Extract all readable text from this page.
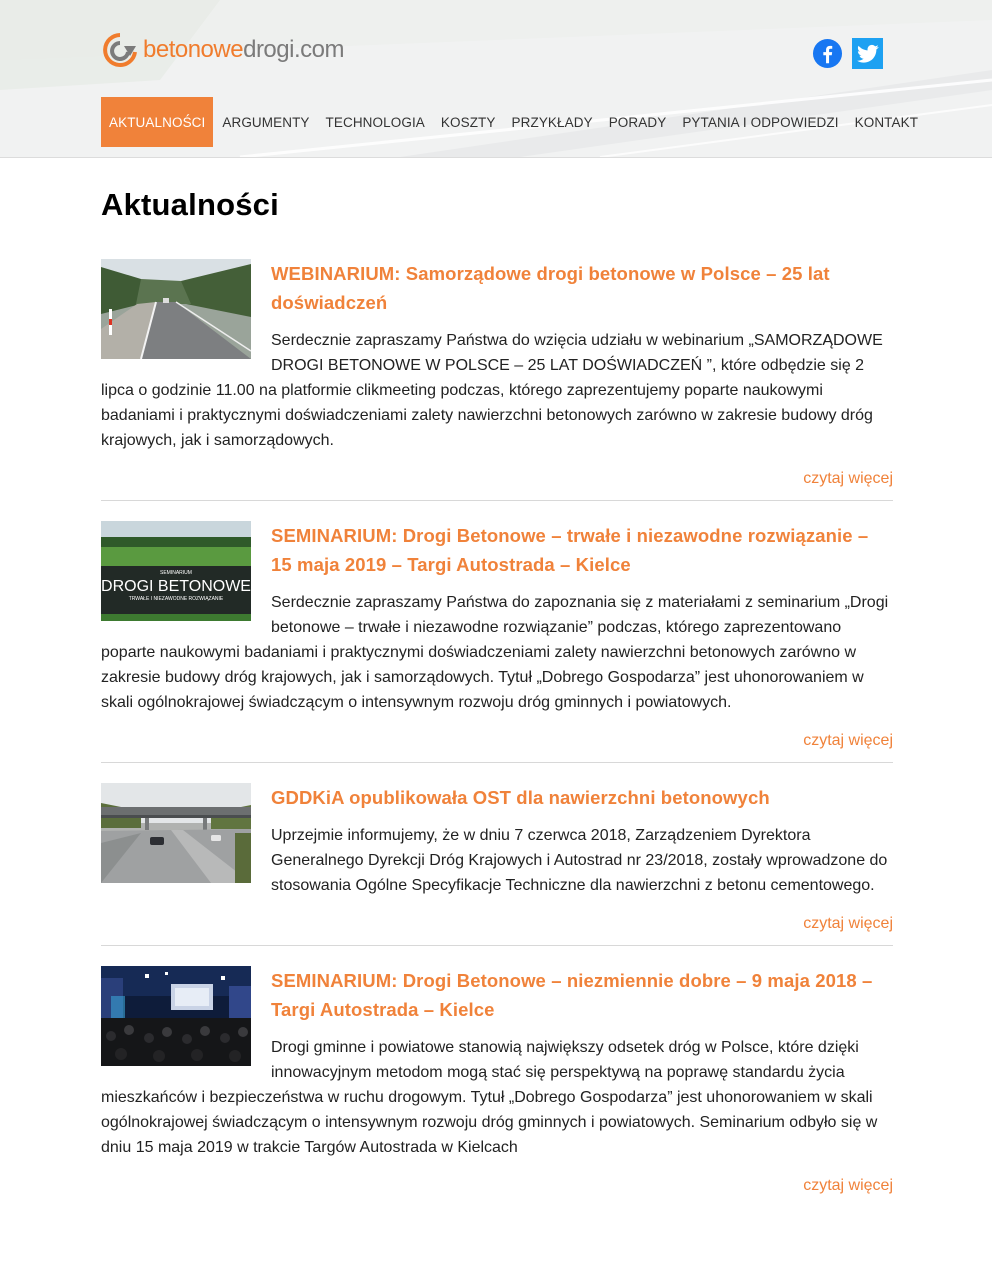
betonowedrogi.com
AKTUALNOŚCI	ARGUMENTY	TECHNOLOGIA	KOSZTY	PRZYKŁADY	PORADY	PYTANIA I ODPOWIEDZI	KONTAKT
Aktualności
WEBINARIUM: Samorządowe drogi betonowe w Polsce – 25 lat doświadczeń

Serdecznie zapraszamy Państwa do wzięcia udziału w webinarium „SAMORZĄDOWE DROGI BETONOWE W POLSCE – 25 LAT DOŚWIADCZEŃ ”, które odbędzie się 2 lipca o godzinie 11.00 na platformie clikmeeting podczas, którego zaprezentujemy poparte naukowymi badaniami i praktycznymi doświadczeniami zalety nawierzchni betonowych zarówno w zakresie budowy dróg krajowych, jak i samorządowych.

czytaj więcej
SEMINARIUM
DROGI BETONOWE
TRWAŁE I NIEZAWODNE ROZWIĄZANIE
SEMINARIUM: Drogi Betonowe – trwałe i niezawodne rozwiązanie – 15 maja 2019 – Targi Autostrada – Kielce

Serdecznie zapraszamy Państwa do zapoznania się z materiałami z seminarium „Drogi betonowe – trwałe i niezawodne rozwiązanie” podczas, którego zaprezentowano poparte naukowymi badaniami i praktycznymi doświadczeniami zalety nawierzchni betonowych zarówno w zakresie budowy dróg krajowych, jak i samorządowych. Tytuł „Dobrego Gospodarza” jest uhonorowaniem w skali ogólnokrajowej świadczącym o intensywnym rozwoju dróg gminnych i powiatowych.

czytaj więcej
GDDKiA opublikowała OST dla nawierzchni betonowych

Uprzejmie informujemy, że w dniu 7 czerwca 2018, Zarządzeniem Dyrektora Generalnego Dyrekcji Dróg Krajowych i Autostrad nr 23/2018, zostały wprowadzone do stosowania Ogólne Specyfikacje Techniczne dla nawierzchni z betonu cementowego.

czytaj więcej
SEMINARIUM: Drogi Betonowe – niezmiennie dobre – 9 maja 2018 – Targi Autostrada – Kielce

Drogi gminne i powiatowe stanowią największy odsetek dróg w Polsce, które dzięki innowacyjnym metodom mogą stać się perspektywą na poprawę standardu życia mieszkańców i bezpieczeństwa w ruchu drogowym. Tytuł „Dobrego Gospodarza” jest uhonorowaniem w skali ogólnokrajowej świadczącym o intensywnym rozwoju dróg gminnych i powiatowych. Seminarium odbyło się w dniu 15 maja 2019 w trakcie Targów Autostrada w Kielcach

czytaj więcej
